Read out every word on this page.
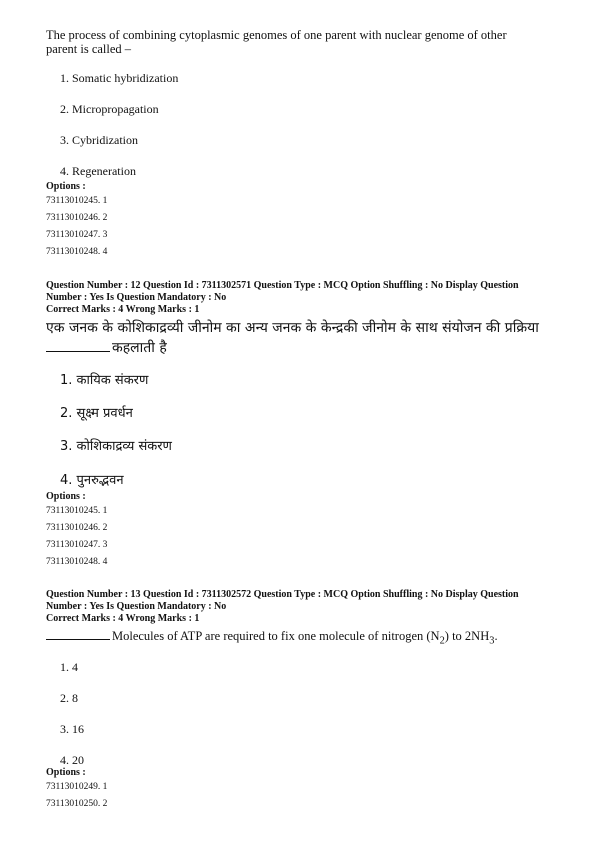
The process of combining cytoplasmic genomes of one parent with nuclear genome of other
parent is called –
1. Somatic hybridization
2. Micropropagation
3. Cybridization
4. Regeneration
Options :
73113010245. 1
73113010246. 2
73113010247. 3
73113010248. 4
Question Number : 12 Question Id : 7311302571 Question Type : MCQ Option Shuffling : No Display Question
Number : Yes Is Question Mandatory : No
Correct Marks : 4 Wrong Marks : 1
एक जनक के कोशिकाद्रव्यी जीनोम का अन्य जनक के केन्द्रकी जीनोम के साथ संयोजन की प्रक्रिया
कहलाती है
1. कायिक संकरण
2. सूक्ष्म प्रवर्धन
3. कोशिकाद्रव्य संकरण
4. पुनरुद्भवन
Options :
73113010245. 1
73113010246. 2
73113010247. 3
73113010248. 4
Question Number : 13 Question Id : 7311302572 Question Type : MCQ Option Shuffling : No Display Question
Number : Yes Is Question Mandatory : No
Correct Marks : 4 Wrong Marks : 1
Molecules of ATP are required to fix one molecule of nitrogen $(N_2)$ to $2NH_3$.
1. 4
2. 8
3. 16
4. 20
Options :
73113010249. 1
73113010250. 2
